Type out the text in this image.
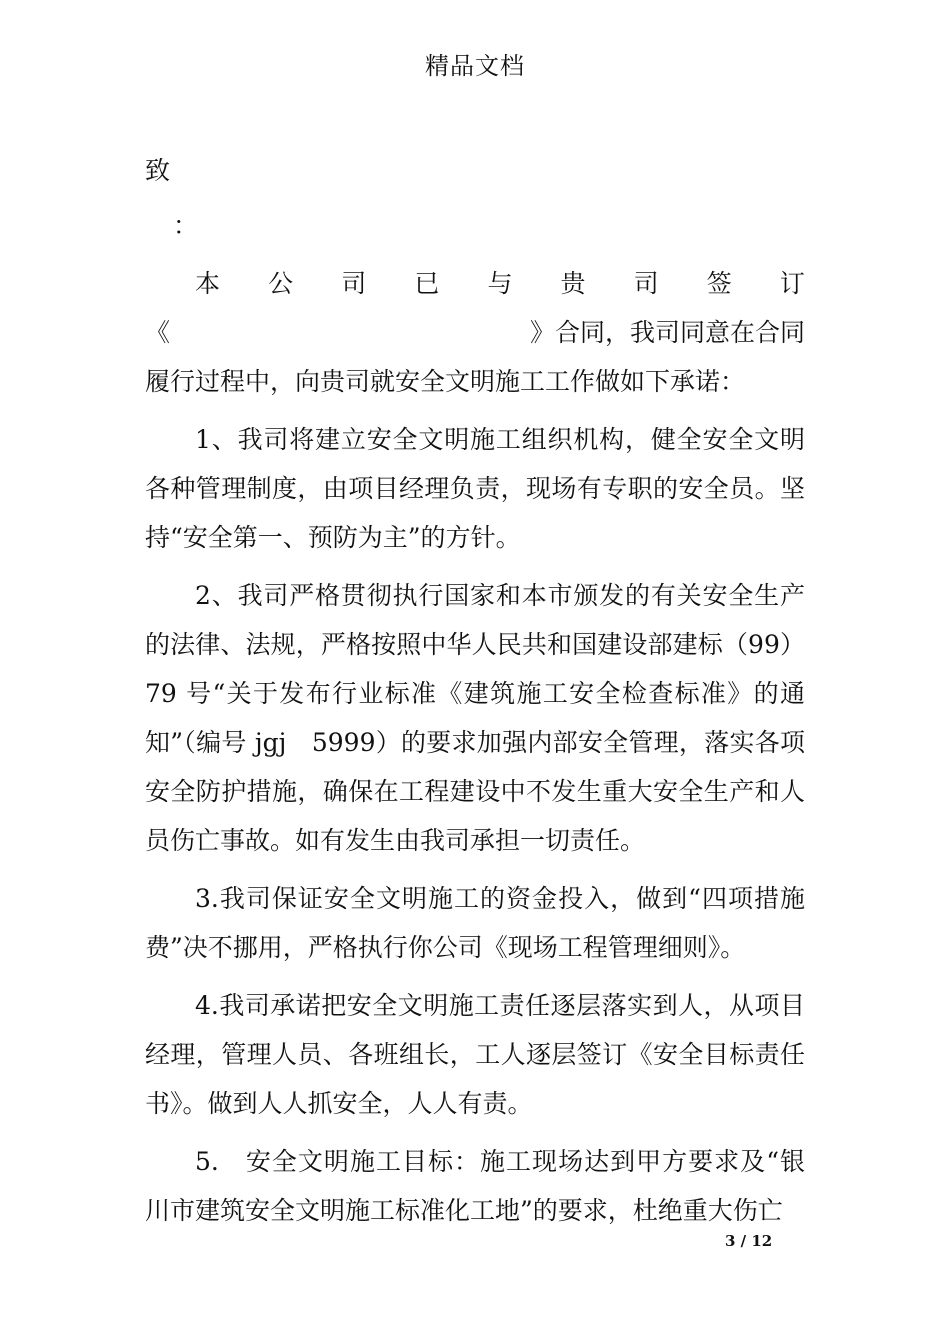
精品文档
致
：
本 公 司 已 与 贵 司 签 订
《	》合同，我司同意在合同
履行过程中，向贵司就安全文明施工工作做如下承诺：
1、我司将建立安全文明施工组织机构，健全安全文明各种管理制度，由项目经理负责，现场有专职的安全员。坚持“安全第一、预防为主”的方针。
2、我司严格贯彻执行国家和本市颁发的有关安全生产的法律、法规，严格按照中华人民共和国建设部建标（99）79 号“关于发布行业标准《建筑施工安全检查标准》的通知”（编号 jgj　5999）的要求加强内部安全管理，落实各项安全防护措施，确保在工程建设中不发生重大安全生产和人员伤亡事故。如有发生由我司承担一切责任。
3.我司保证安全文明施工的资金投入，做到“四项措施费”决不挪用，严格执行你公司《现场工程管理细则》。
4.我司承诺把安全文明施工责任逐层落实到人，从项目经理，管理人员、各班组长，工人逐层签订《安全目标责任书》。做到人人抓安全，人人有责。
5.　安全文明施工目标：施工现场达到甲方要求及“银川市建筑安全文明施工标准化工地”的要求，杜绝重大伤亡
3 / 12
